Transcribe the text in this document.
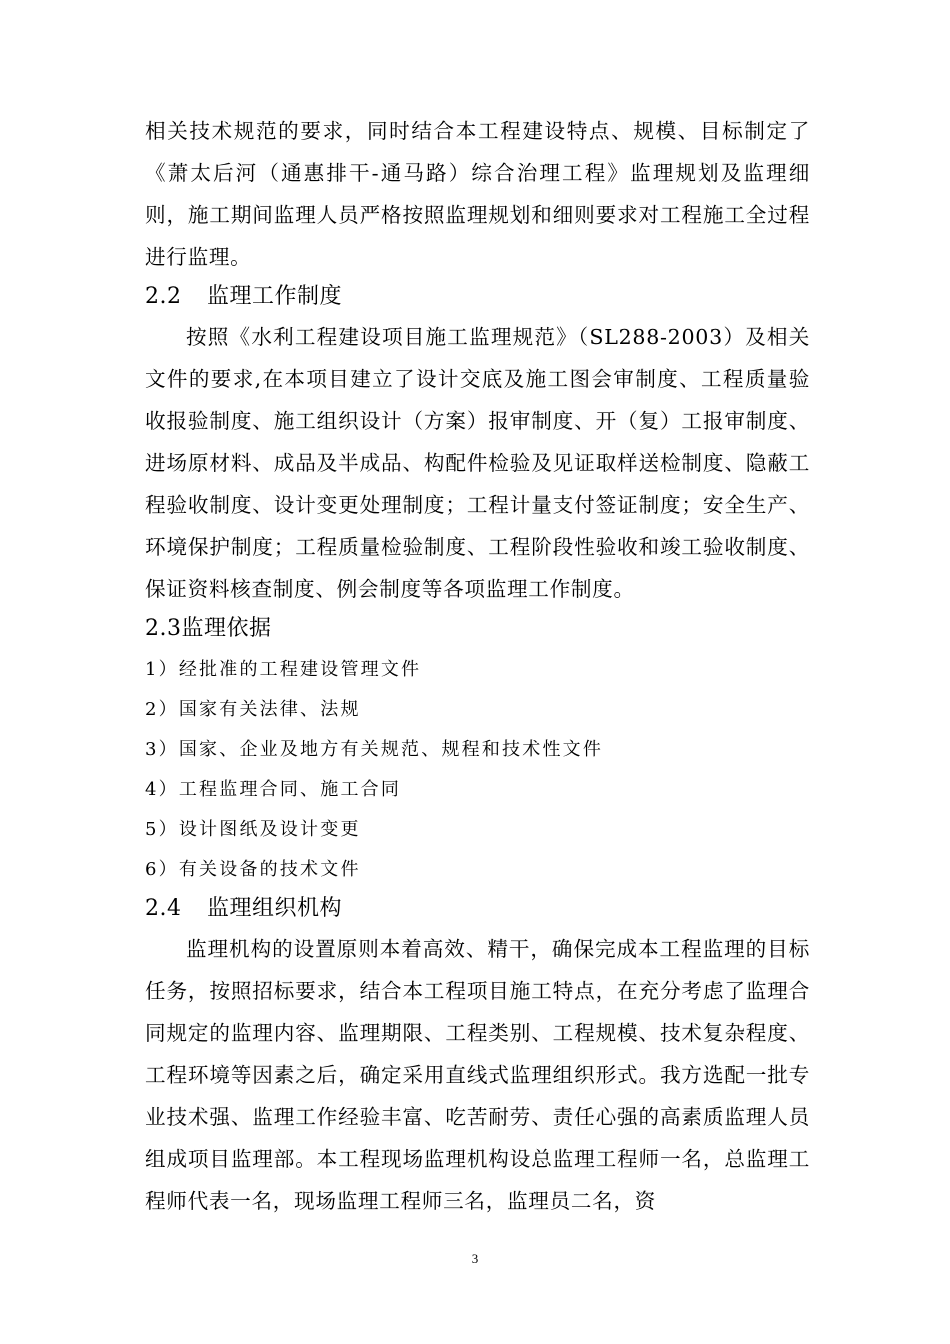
相关技术规范的要求，同时结合本工程建设特点、规模、目标制定了《萧太后河（通惠排干-通马路）综合治理工程》监理规划及监理细则，施工期间监理人员严格按照监理规划和细则要求对工程施工全过程进行监理。

2.2 监理工作制度

按照《水利工程建设项目施工监理规范》（SL288-2003）及相关文件的要求,在本项目建立了设计交底及施工图会审制度、工程质量验收报验制度、施工组织设计（方案）报审制度、开（复）工报审制度、进场原材料、成品及半成品、构配件检验及见证取样送检制度、隐蔽工程验收制度、设计变更处理制度；工程计量支付签证制度；安全生产、环境保护制度；工程质量检验制度、工程阶段性验收和竣工验收制度、保证资料核查制度、例会制度等各项监理工作制度。

2.3监理依据

1）经批准的工程建设管理文件

2）国家有关法律、法规

3）国家、企业及地方有关规范、规程和技术性文件

4）工程监理合同、施工合同

5）设计图纸及设计变更

6）有关设备的技术文件

2.4 监理组织机构

监理机构的设置原则本着高效、精干，确保完成本工程监理的目标任务，按照招标要求，结合本工程项目施工特点，在充分考虑了监理合同规定的监理内容、监理期限、工程类别、工程规模、技术复杂程度、工程环境等因素之后，确定采用直线式监理组织形式。我方选配一批专业技术强、监理工作经验丰富、吃苦耐劳、责任心强的高素质监理人员组成项目监理部。本工程现场监理机构设总监理工程师一名，总监理工程师代表一名，现场监理工程师三名，监理员二名，资

3
